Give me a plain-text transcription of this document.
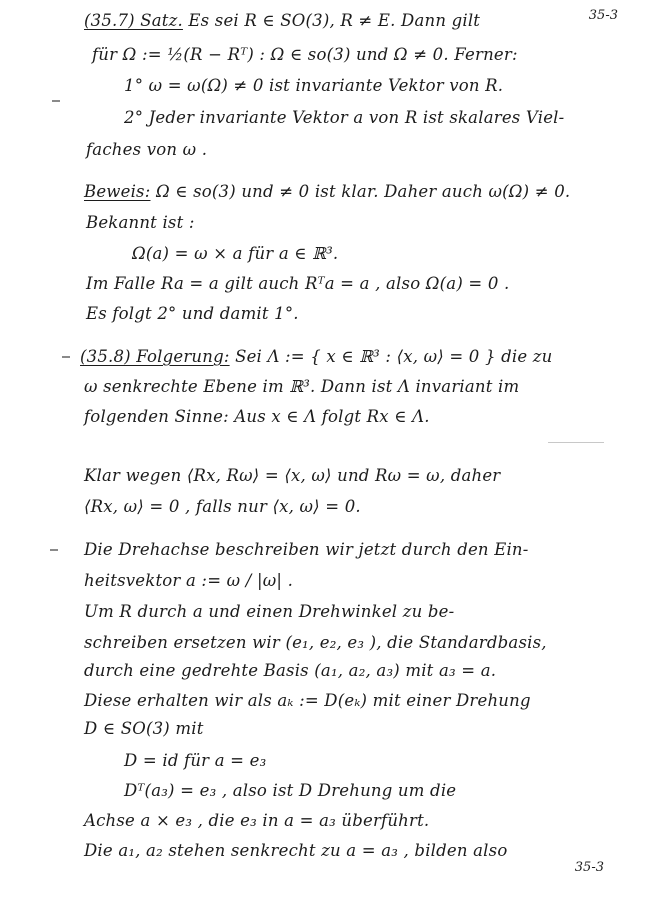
35-3
(35.7) Satz. Es sei R ∈ SO(3), R ≠ E. Dann gilt
für Ω := ½(R − Rᵀ) : Ω ∈ so(3) und Ω ≠ 0. Ferner:
1° ω = ω(Ω) ≠ 0 ist invariante Vektor von R.
2° Jeder invariante Vektor a von R ist skalares Viel-
faches von ω .
Beweis: Ω ∈ so(3) und ≠ 0 ist klar. Daher auch ω(Ω) ≠ 0.
Bekannt ist :
Ω(a) = ω × a für a ∈ ℝ³.
Im Falle Ra = a gilt auch Rᵀa = a , also Ω(a) = 0 .
Es folgt 2° und damit 1°.
(35.8) Folgerung: Sei Λ := { x ∈ ℝ³ : ⟨x, ω⟩ = 0 } die zu
ω senkrechte Ebene im ℝ³. Dann ist Λ invariant im
folgenden Sinne: Aus x ∈ Λ folgt Rx ∈ Λ.
Klar wegen ⟨Rx, Rω⟩ = ⟨x, ω⟩ und Rω = ω, daher
⟨Rx, ω⟩ = 0 , falls nur ⟨x, ω⟩ = 0.
Die Drehachse beschreiben wir jetzt durch den Ein-
heitsvektor a := ω / |ω| .
Um R durch a und einen Drehwinkel zu be-
schreiben ersetzen wir (e₁, e₂, e₃ ), die Standardbasis,
durch eine gedrehte Basis (a₁, a₂, a₃) mit a₃ = a.
Diese erhalten wir als aₖ := D(eₖ) mit einer Drehung
D ∈ SO(3) mit
D = id für a = e₃
Dᵀ(a₃) = e₃ , also ist D Drehung um die
Achse a × e₃ , die e₃ in a = a₃ überführt.
Die a₁, a₂ stehen senkrecht zu a = a₃ , bilden also
35-3
